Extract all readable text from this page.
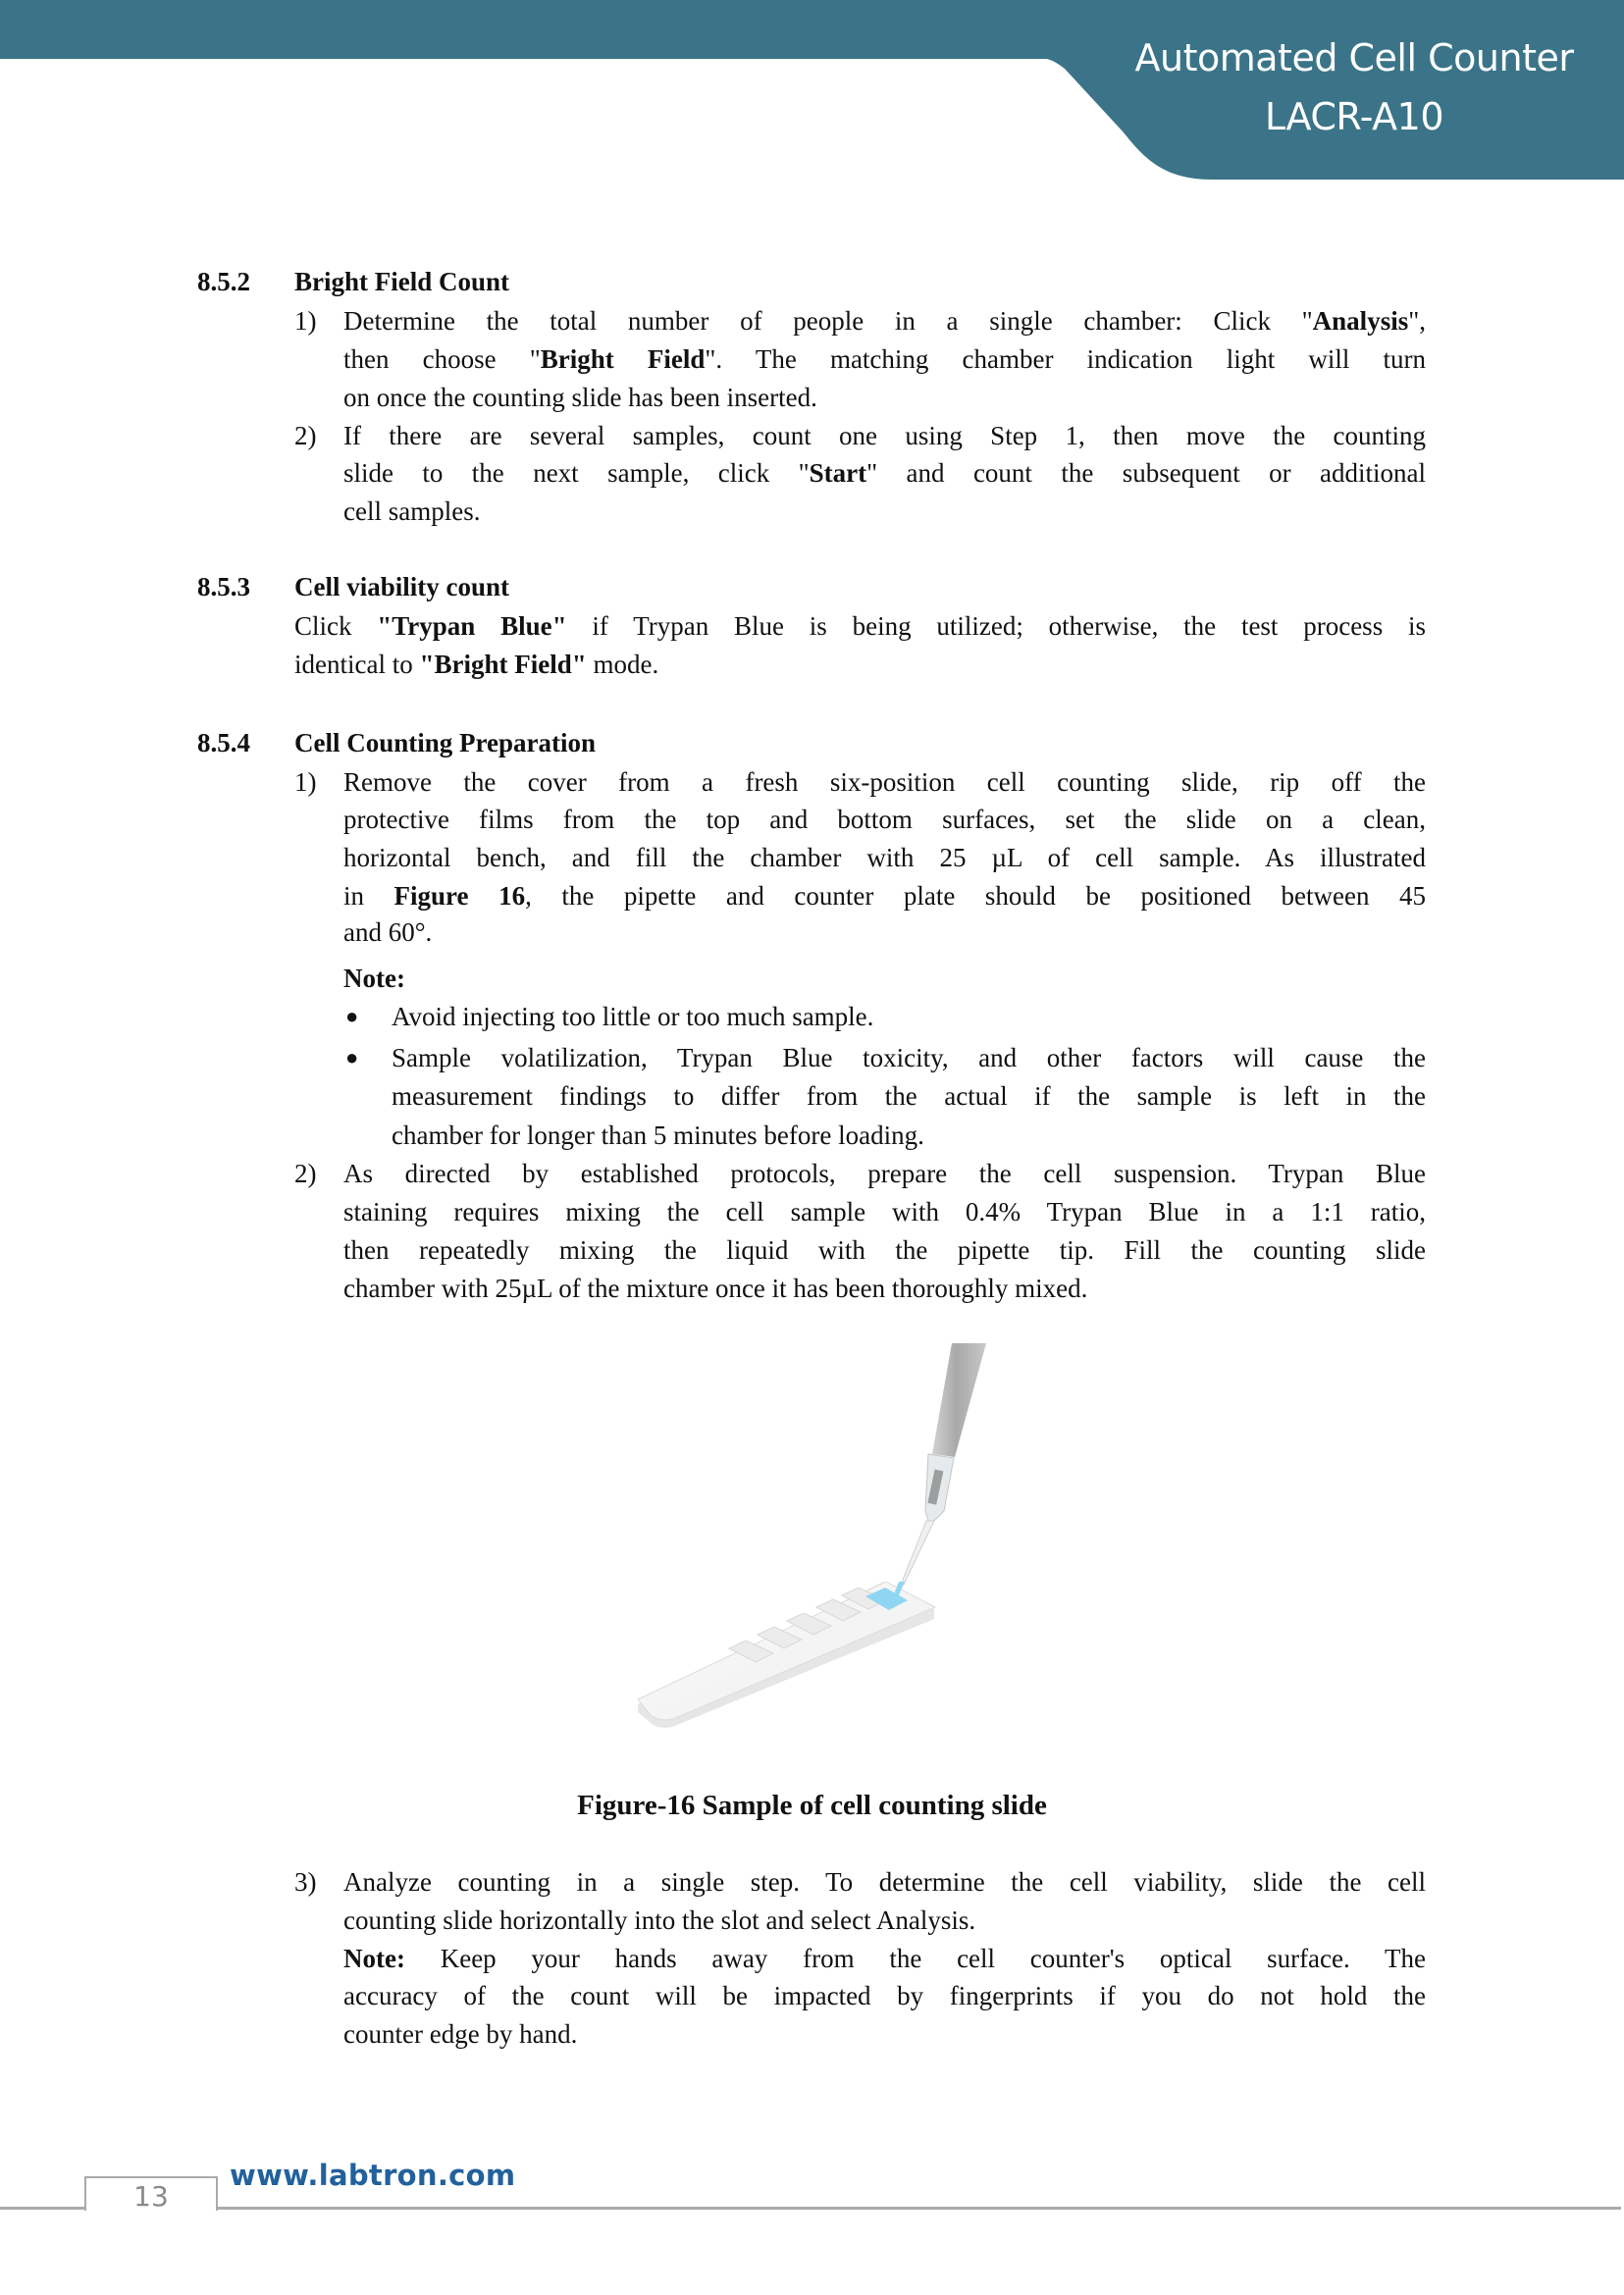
Automated Cell Counter
LACR-A10
8.5.2 Bright Field Count
1) Determine the total number of people in a single chamber: Click "Analysis",
then choose "Bright Field". The matching chamber indication light will turn
on once the counting slide has been inserted.
2) If there are several samples, count one using Step 1, then move the counting
slide to the next sample, click "Start" and count the subsequent or additional
cell samples.
8.5.3 Cell viability count
Click "Trypan Blue" if Trypan Blue is being utilized; otherwise, the test process is
identical to "Bright Field" mode.
8.5.4 Cell Counting Preparation
1) Remove the cover from a fresh six-position cell counting slide, rip off the
protective films from the top and bottom surfaces, set the slide on a clean,
horizontal bench, and fill the chamber with 25 µL of cell sample. As illustrated
in Figure 16, the pipette and counter plate should be positioned between 45
and 60°.
Note:
● Avoid injecting too little or too much sample.
● Sample volatilization, Trypan Blue toxicity, and other factors will cause the
measurement findings to differ from the actual if the sample is left in the
chamber for longer than 5 minutes before loading.
2) As directed by established protocols, prepare the cell suspension. Trypan Blue
staining requires mixing the cell sample with 0.4% Trypan Blue in a 1:1 ratio,
then repeatedly mixing the liquid with the pipette tip. Fill the counting slide
chamber with 25µL of the mixture once it has been thoroughly mixed.
Figure-16 Sample of cell counting slide
3) Analyze counting in a single step. To determine the cell viability, slide the cell
counting slide horizontally into the slot and select Analysis.
Note: Keep your hands away from the cell counter's optical surface. The
accuracy of the count will be impacted by fingerprints if you do not hold the
counter edge by hand.
13
www.labtron.com
